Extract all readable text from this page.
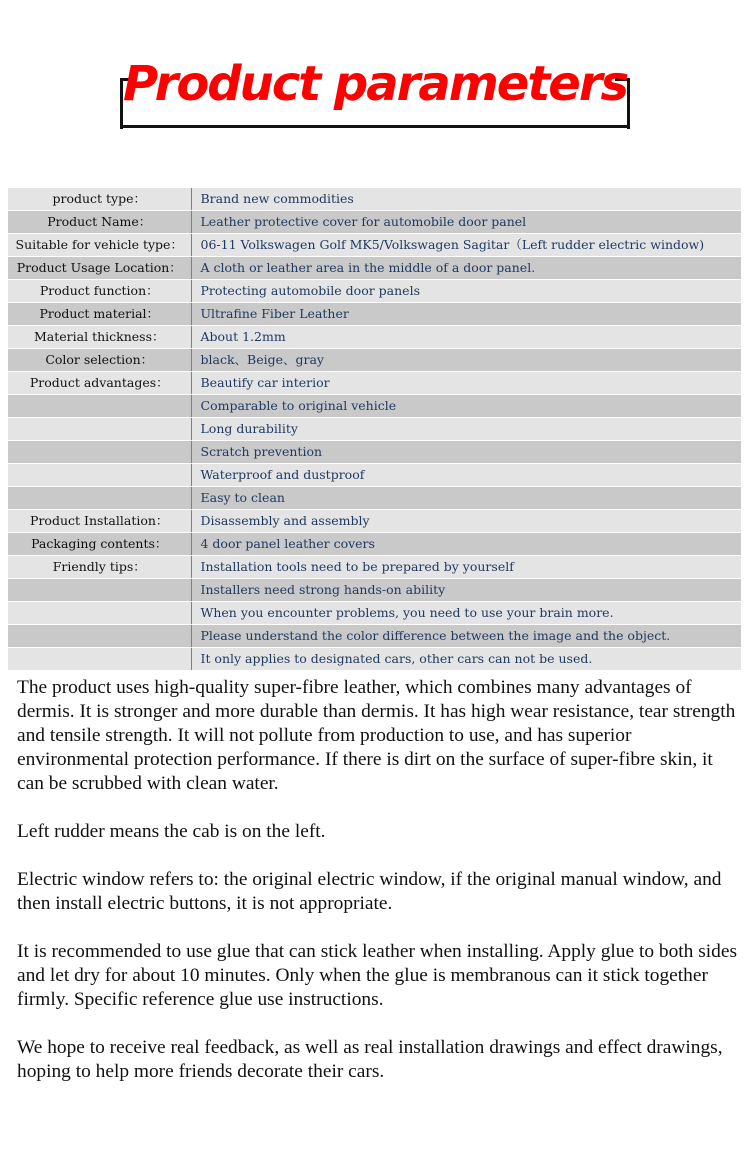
Product parameters
product type：	Brand new commodities
Product Name：	Leather protective cover for automobile door panel
Suitable for vehicle type：	06-11 Volkswagen Golf MK5/Volkswagen Sagitar（Left rudder electric window)
Product Usage Location：	A cloth or leather area in the middle of a door panel.
Product function：	Protecting automobile door panels
Product material：	Ultrafine Fiber Leather
Material thickness：	About 1.2mm
Color selection：	black、Beige、gray
Product advantages：	Beautify car interior
	Comparable to original vehicle
	Long durability
	Scratch prevention
	Waterproof and dustproof
	Easy to clean
Product Installation：	Disassembly and assembly
Packaging contents：	4 door panel leather covers
Friendly tips：	Installation tools need to be prepared by yourself
	Installers need strong hands-on ability
	When you encounter problems, you need to use your brain more.
	Please understand the color difference between the image and the object.
	It only applies to designated cars, other cars can not be used.

The product uses high-quality super-fibre leather, which combines many advantages of dermis. It is stronger and more durable than dermis. It has high wear resistance, tear strength and tensile strength. It will not pollute from production to use, and has superior environmental protection performance. If there is dirt on the surface of super-fibre skin, it can be scrubbed with clean water.

Left rudder means the cab is on the left.

Electric window refers to: the original electric window, if the original manual window, and then install electric buttons, it is not appropriate.

It is recommended to use glue that can stick leather when installing. Apply glue to both sides and let dry for about 10 minutes. Only when the glue is membranous can it stick together firmly. Specific reference glue use instructions.

We hope to receive real feedback, as well as real installation drawings and effect drawings, hoping to help more friends decorate their cars.
